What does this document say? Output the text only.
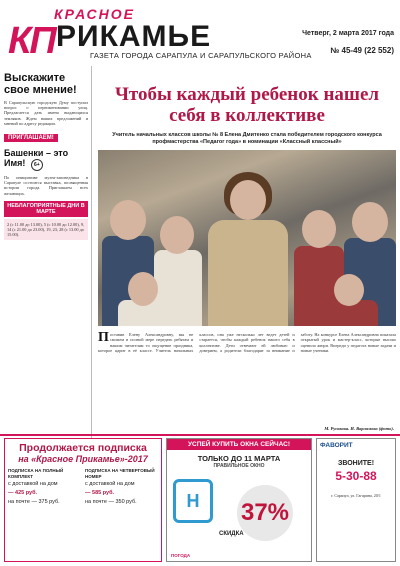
КП
КРАСНОЕ
РИКАМЬЕ
ГАЗЕТА ГОРОДА САРАПУЛА И САРАПУЛЬСКОГО РАЙОНА
Четверг, 2 марта 2017 года
№ 45-49 (22 552)
Выскажите свое мнение!
В Сарапульскую городскую Думу поступил вопрос о переименовании улиц. Предлагается дать имена выдающихся земляков. Ждем ваших предложений и мнений по адресу редакции.
ПРИГЛАШАЕМ!
Башенки – это Имя! 6+
По инициативе музея-заповедника в Сарапуле состоится выставка, посвященная истории города. Приглашаем всех желающих.
НЕБЛАГОПРИЯТНЫЕ ДНИ В МАРТЕ
2 (с 11.00 до 13.00), 5 (с 10.00 до 12.00), 9, 14 (с 21.00 до 23.00), 19, 23, 28 (с 13.00 до 15.00).
Чтобы каждый ребенок нашел себя в коллективе
Учитель начальных классов школы № 8 Елена Дмитенко стала победителем городского конкурса профмастерства «Педагог года» в номинации «Классный классный»
П оставив Елену Александровну, мы не сможем в полной мере передать ребятам и нашим читателям то ощущение праздника, которое царит в её классе. Учитель начальных классов, она уже несколько лет ведет детей и старается, чтобы каждый ребенок нашел себя в коллективе. Дети отвечают ей любовью и доверием, а родители благодарят за внимание и заботу. На конкурсе Елена Александровна показала открытый урок и мастер-класс, которые высоко оценило жюри. Впереди у педагога новые задачи и новые ученики.
М. Русакова. И. Варламова (фото).
Продолжается подписка
на «Красное Прикамье»-2017
ПОДПИСКА НА ПОЛНЫЙ КОМПЛЕКТ
с доставкой на дом
— 425 руб.
на почте — 375 руб.
ПОДПИСКА НА ЧЕТВЕРГОВЫЙ НОМЕР
с доставкой на дом
— 585 руб.
на почте — 350 руб.
УСПЕЙ КУПИТЬ ОКНА СЕЙЧАС!
ТОЛЬКО ДО 11 МАРТА
ПРАВИЛЬНОЕ ОКНО
Н	37%
СКИДКА
ПОГОДА
ФАВОРИТ
ЗВОНИТЕ!
5-30-88
г. Сарапул, ул. Гагарина, 20/1
